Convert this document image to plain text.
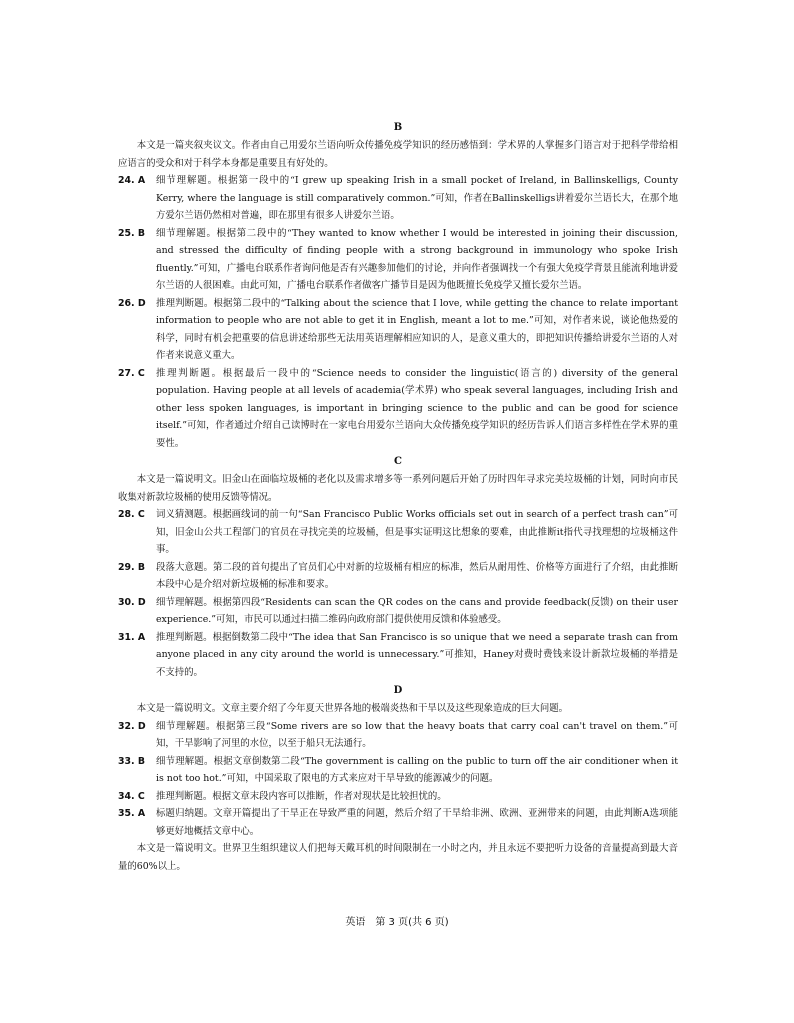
B

本文是一篇夹叙夹议文。作者由自己用爱尔兰语向听众传播免疫学知识的经历感悟到：学术界的人掌握多门语言对于把科学带给相应语言的受众和对于科学本身都是重要且有好处的。

24. A	细节理解题。根据第一段中的“I grew up speaking Irish in a small pocket of Ireland, in Ballinskelligs, County Kerry, where the language is still comparatively common.”可知，作者在Ballinskelligs讲着爱尔兰语长大，在那个地方爱尔兰语仍然相对普遍，即在那里有很多人讲爱尔兰语。
25. B	细节理解题。根据第二段中的“They wanted to know whether I would be interested in joining their discussion, and stressed the difficulty of finding people with a strong background in immunology who spoke Irish fluently.”可知，广播电台联系作者询问他是否有兴趣参加他们的讨论，并向作者强调找一个有强大免疫学背景且能流利地讲爱尔兰语的人很困难。由此可知，广播电台联系作者做客广播节目是因为他既擅长免疫学又擅长爱尔兰语。
26. D	推理判断题。根据第二段中的“Talking about the science that I love, while getting the chance to relate important information to people who are not able to get it in English, meant a lot to me.”可知，对作者来说，谈论他热爱的科学，同时有机会把重要的信息讲述给那些无法用英语理解相应知识的人，是意义重大的，即把知识传播给讲爱尔兰语的人对作者来说意义重大。
27. C	推理判断题。根据最后一段中的“Science needs to consider the linguistic(语言的) diversity of the general population. Having people at all levels of academia(学术界) who speak several languages, including Irish and other less spoken languages, is important in bringing science to the public and can be good for science itself.”可知，作者通过介绍自己读博时在一家电台用爱尔兰语向大众传播免疫学知识的经历告诉人们语言多样性在学术界的重要性。
C

本文是一篇说明文。旧金山在面临垃圾桶的老化以及需求增多等一系列问题后开始了历时四年寻求完美垃圾桶的计划，同时向市民收集对新款垃圾桶的使用反馈等情况。

28. C	词义猜测题。根据画线词的前一句“San Francisco Public Works officials set out in search of a perfect trash can”可知，旧金山公共工程部门的官员在寻找完美的垃圾桶，但是事实证明这比想象的要难，由此推断it指代寻找理想的垃圾桶这件事。
29. B	段落大意题。第二段的首句提出了官员们心中对新的垃圾桶有相应的标准，然后从耐用性、价格等方面进行了介绍，由此推断本段中心是介绍对新垃圾桶的标准和要求。
30. D	细节理解题。根据第四段“Residents can scan the QR codes on the cans and provide feedback(反馈) on their user experience.”可知，市民可以通过扫描二维码向政府部门提供使用反馈和体验感受。
31. A	推理判断题。根据倒数第二段中“The idea that San Francisco is so unique that we need a separate trash can from anyone placed in any city around the world is unnecessary.”可推知，Haney对费时费钱来设计新款垃圾桶的举措是不支持的。
D

本文是一篇说明文。文章主要介绍了今年夏天世界各地的极端炎热和干旱以及这些现象造成的巨大问题。

32. D	细节理解题。根据第三段“Some rivers are so low that the heavy boats that carry coal can't travel on them.”可知，干旱影响了河里的水位，以至于船只无法通行。
33. B	细节理解题。根据文章倒数第二段“The government is calling on the public to turn off the air conditioner when it is not too hot.”可知，中国采取了限电的方式来应对干旱导致的能源减少的问题。
34. C	推理判断题。根据文章末段内容可以推断，作者对现状是比较担忧的。
35. A	标题归纳题。文章开篇提出了干旱正在导致严重的问题，然后介绍了干旱给非洲、欧洲、亚洲带来的问题，由此判断A选项能够更好地概括文章中心。

本文是一篇说明文。世界卫生组织建议人们把每天戴耳机的时间限制在一小时之内，并且永远不要把听力设备的音量提高到最大音量的60%以上。

英语　第 3 页(共 6 页)
